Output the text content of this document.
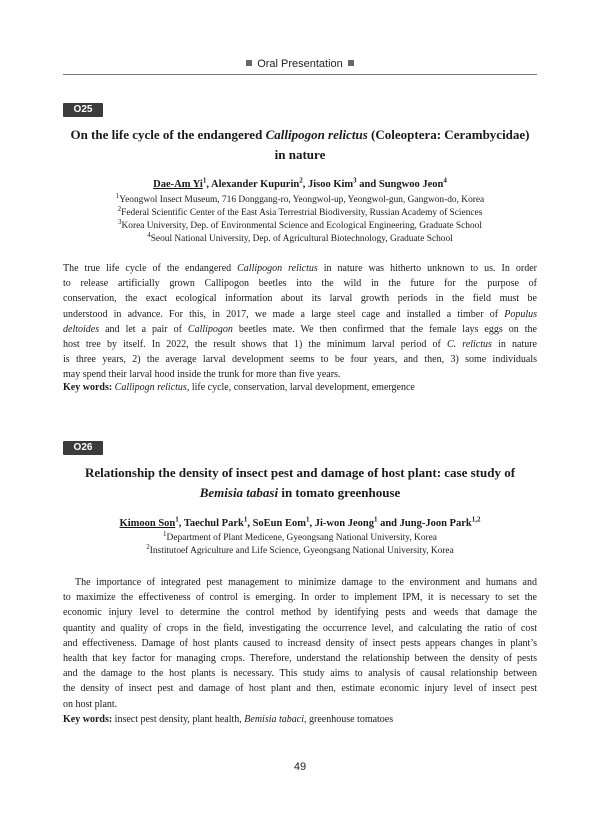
Oral Presentation
O25
On the life cycle of the endangered Callipogon relictus (Coleoptera: Cerambycidae)
in nature
Dae-Am Yi$^1$, Alexander Kupurin$^2$, Jisoo Kim$^3$ and Sungwoo Jeon$^4$
$^1$Yeongwol Insect Museum, 716 Donggang-ro, Yeongwol-up, Yeongwol-gun, Gangwon-do, Korea
$^2$Federal Scientific Center of the East Asia Terrestrial Biodiversity, Russian Academy of Sciences
$^3$Korea University, Dep. of Environmental Science and Ecological Engineering, Graduate School
$^4$Seoul National University, Dep. of Agricultural Biotechnology, Graduate School
The true life cycle of the endangered Callipogon relictus in nature was hitherto unknown to us. In order
to release artificially grown Callipogon beetles into the wild in the future for the purpose of
conservation, the exact ecological information about its larval growth periods in the field must be
understood in advance. For this, in 2017, we made a large steel cage and installed a timber of Populus
deltoides and let a pair of Callipogon beetles mate. We then confirmed that the female lays eggs on the
host tree by itself. In 2022, the result shows that 1) the minimum larval period of C. relictus in nature
is three years, 2) the average larval development seems to be four years, and then, 3) some individuals
may spend their larval hood inside the trunk for more than five years.
Key words: Callipogn relictus, life cycle, conservation, larval development, emergence
O26
Relationship the density of insect pest and damage of host plant: case study of
Bemisia tabasi in tomato greenhouse
Kimoon Son$^1$, Taechul Park$^1$, SoEun Eom$^1$, Ji-won Jeong$^1$ and Jung-Joon Park$^{1,2}$
$^1$Department of Plant Medicene, Gyeongsang National University, Korea
$^2$Institutoef Agriculture and Life Science, Gyeongsang National University, Korea
The importance of integrated pest management to minimize damage to the environment and humans and
to maximize the effectiveness of control is emerging. In order to implement IPM, it is necessary to set the
economic injury level to determine the control method by identifying pests and weeds that damage the
quantity and quality of crops in the field, investigating the occurrence level, and calculating the ratio of cost
and effectiveness. Damage of host plants caused to increasd density of insect pests appears changes in plant’s
health that key factor for managing crops. Therefore, understand the relationship between the density of pests
and the damage to the host plants is necessary. This study aims to analysis of causal relationship between
the density of insect pest and damage of host plant and then, estimate economic injury level of insect pest
on host plant.
Key words: insect pest density, plant health, Bemisia tabaci, greenhouse tomatoes
49
